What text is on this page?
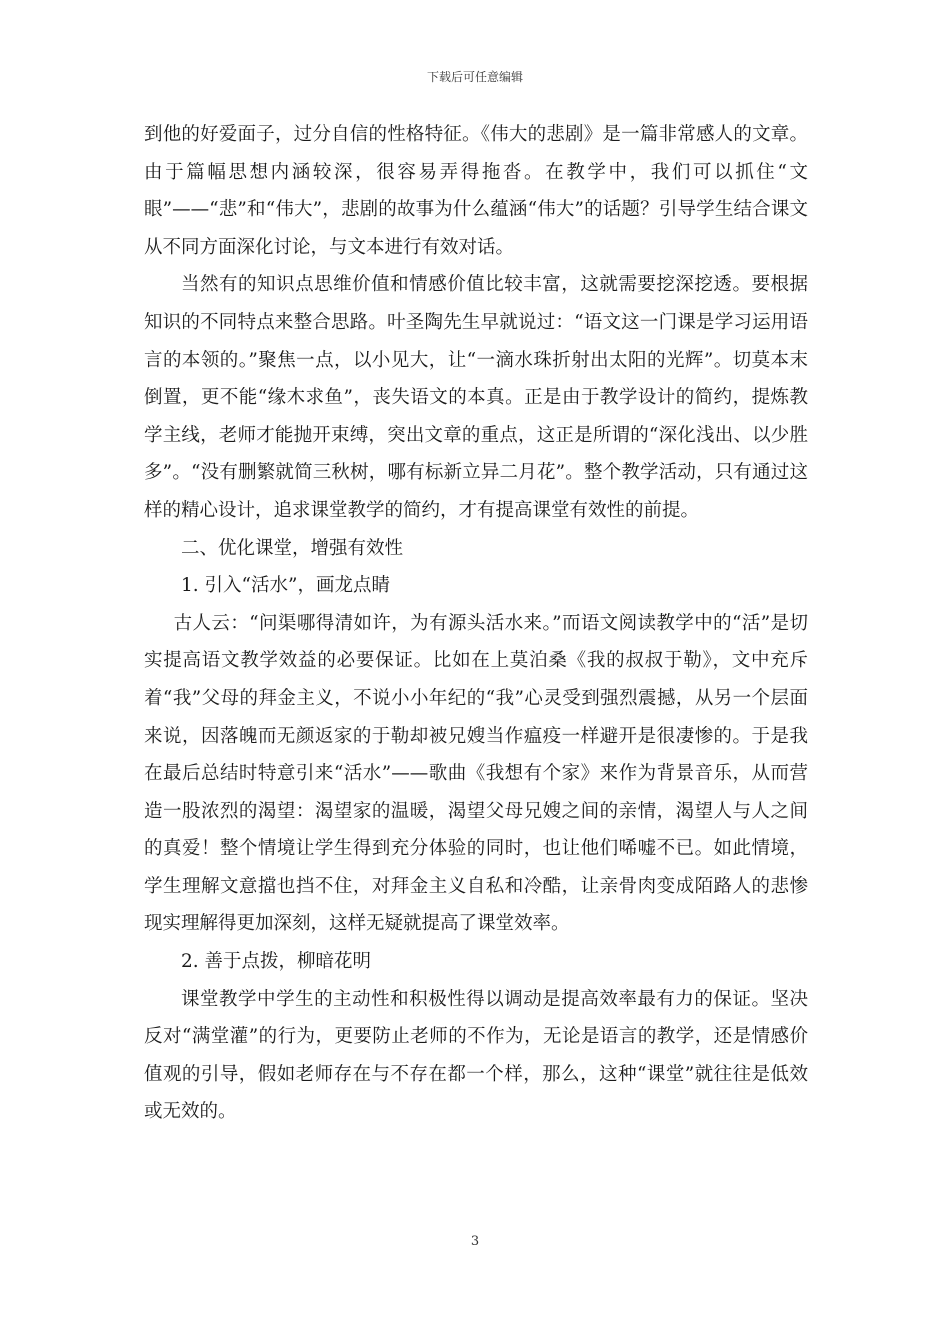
下载后可任意编辑

到他的好爱面子，过分自信的性格特征。《伟大的悲剧》是一篇非常感人的文章。由于篇幅思想内涵较深，很容易弄得拖沓。在教学中，我们可以抓住“文眼”——“悲”和“伟大”，悲剧的故事为什么蕴涵“伟大”的话题？引导学生结合课文从不同方面深化讨论，与文本进行有效对话。

当然有的知识点思维价值和情感价值比较丰富，这就需要挖深挖透。要根据知识的不同特点来整合思路。叶圣陶先生早就说过：“语文这一门课是学习运用语言的本领的。”聚焦一点，以小见大，让“一滴水珠折射出太阳的光辉”。切莫本末倒置，更不能“缘木求鱼”，丧失语文的本真。正是由于教学设计的简约，提炼教学主线，老师才能抛开束缚，突出文章的重点，这正是所谓的“深化浅出、以少胜多”。“没有删繁就简三秋树，哪有标新立异二月花”。整个教学活动，只有通过这样的精心设计，追求课堂教学的简约，才有提高课堂有效性的前提。

二、优化课堂，增强有效性

1. 引入“活水”，画龙点睛

古人云：“问渠哪得清如许，为有源头活水来。”而语文阅读教学中的“活”是切实提高语文教学效益的必要保证。比如在上莫泊桑《我的叔叔于勒》，文中充斥着“我”父母的拜金主义，不说小小年纪的“我”心灵受到强烈震撼，从另一个层面来说，因落魄而无颜返家的于勒却被兄嫂当作瘟疫一样避开是很凄惨的。于是我在最后总结时特意引来“活水”——歌曲《我想有个家》来作为背景音乐，从而营造一股浓烈的渴望：渴望家的温暖，渴望父母兄嫂之间的亲情，渴望人与人之间的真爱！整个情境让学生得到充分体验的同时，也让他们唏嘘不已。如此情境，学生理解文意擋也挡不住，对拜金主义自私和冷酷，让亲骨肉变成陌路人的悲惨现实理解得更加深刻，这样无疑就提高了课堂效率。

2. 善于点拨，柳暗花明

课堂教学中学生的主动性和积极性得以调动是提高效率最有力的保证。坚决反对“满堂灌”的行为，更要防止老师的不作为，无论是语言的教学，还是情感价值观的引导，假如老师存在与不存在都一个样，那么，这种“课堂”就往往是低效或无效的。

3
